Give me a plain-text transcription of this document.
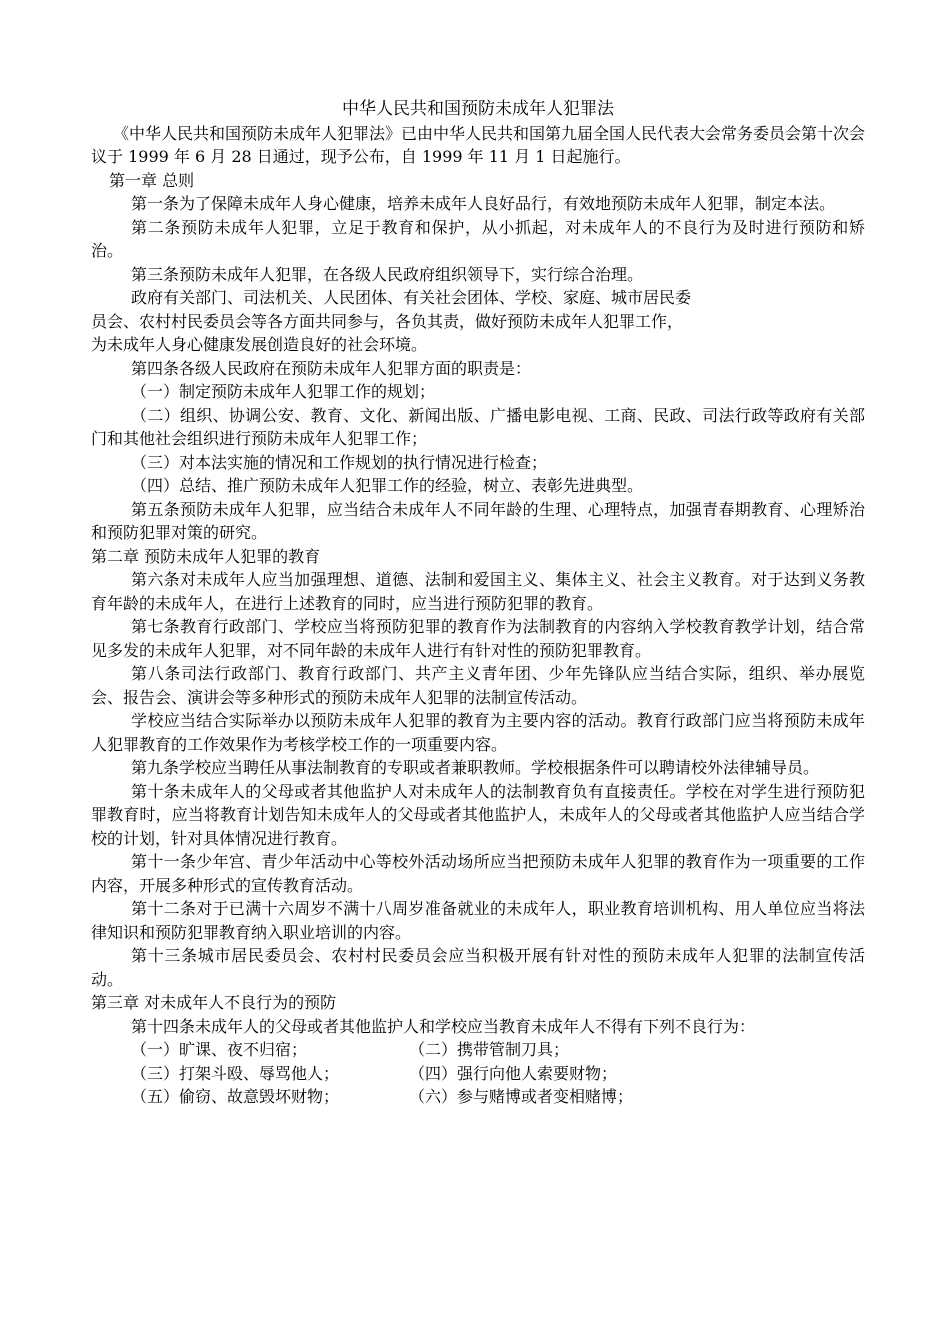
中华人民共和国预防未成年人犯罪法

《中华人民共和国预防未成年人犯罪法》已由中华人民共和国第九届全国人民代表大会常务委员会第十次会议于 1999 年 6 月 28 日通过，现予公布，自 1999 年 11 月 1 日起施行。

第一章 总则

第一条为了保障未成年人身心健康，培养未成年人良好品行，有效地预防未成年人犯罪，制定本法。

第二条预防未成年人犯罪，立足于教育和保护，从小抓起，对未成年人的不良行为及时进行预防和矫治。

第三条预防未成年人犯罪，在各级人民政府组织领导下，实行综合治理。

政府有关部门、司法机关、人民团体、有关社会团体、学校、家庭、城市居民委

员会、农村村民委员会等各方面共同参与，各负其责，做好预防未成年人犯罪工作，

为未成年人身心健康发展创造良好的社会环境。

第四条各级人民政府在预防未成年人犯罪方面的职责是：

（一）制定预防未成年人犯罪工作的规划；

（二）组织、协调公安、教育、文化、新闻出版、广播电影电视、工商、民政、司法行政等政府有关部门和其他社会组织进行预防未成年人犯罪工作；

（三）对本法实施的情况和工作规划的执行情况进行检查；

（四）总结、推广预防未成年人犯罪工作的经验，树立、表彰先进典型。

第五条预防未成年人犯罪，应当结合未成年人不同年龄的生理、心理特点，加强青春期教育、心理矫治和预防犯罪对策的研究。

第二章 预防未成年人犯罪的教育

第六条对未成年人应当加强理想、道德、法制和爱国主义、集体主义、社会主义教育。对于达到义务教育年龄的未成年人，在进行上述教育的同时，应当进行预防犯罪的教育。

第七条教育行政部门、学校应当将预防犯罪的教育作为法制教育的内容纳入学校教育教学计划，结合常见多发的未成年人犯罪，对不同年龄的未成年人进行有针对性的预防犯罪教育。

第八条司法行政部门、教育行政部门、共产主义青年团、少年先锋队应当结合实际，组织、举办展览会、报告会、演讲会等多种形式的预防未成年人犯罪的法制宣传活动。

学校应当结合实际举办以预防未成年人犯罪的教育为主要内容的活动。教育行政部门应当将预防未成年人犯罪教育的工作效果作为考核学校工作的一项重要内容。

第九条学校应当聘任从事法制教育的专职或者兼职教师。学校根据条件可以聘请校外法律辅导员。

第十条未成年人的父母或者其他监护人对未成年人的法制教育负有直接责任。学校在对学生进行预防犯罪教育时，应当将教育计划告知未成年人的父母或者其他监护人，未成年人的父母或者其他监护人应当结合学校的计划，针对具体情况进行教育。

第十一条少年宫、青少年活动中心等校外活动场所应当把预防未成年人犯罪的教育作为一项重要的工作内容，开展多种形式的宣传教育活动。

第十二条对于已满十六周岁不满十八周岁准备就业的未成年人，职业教育培训机构、用人单位应当将法律知识和预防犯罪教育纳入职业培训的内容。

第十三条城市居民委员会、农村村民委员会应当积极开展有针对性的预防未成年人犯罪的法制宣传活动。

第三章 对未成年人不良行为的预防

第十四条未成年人的父母或者其他监护人和学校应当教育未成年人不得有下列不良行为：

（一）旷课、夜不归宿；	（二）携带管制刀具；
（三）打架斗殴、辱骂他人；	（四）强行向他人索要财物；
（五）偷窃、故意毁坏财物；	（六）参与赌博或者变相赌博；
